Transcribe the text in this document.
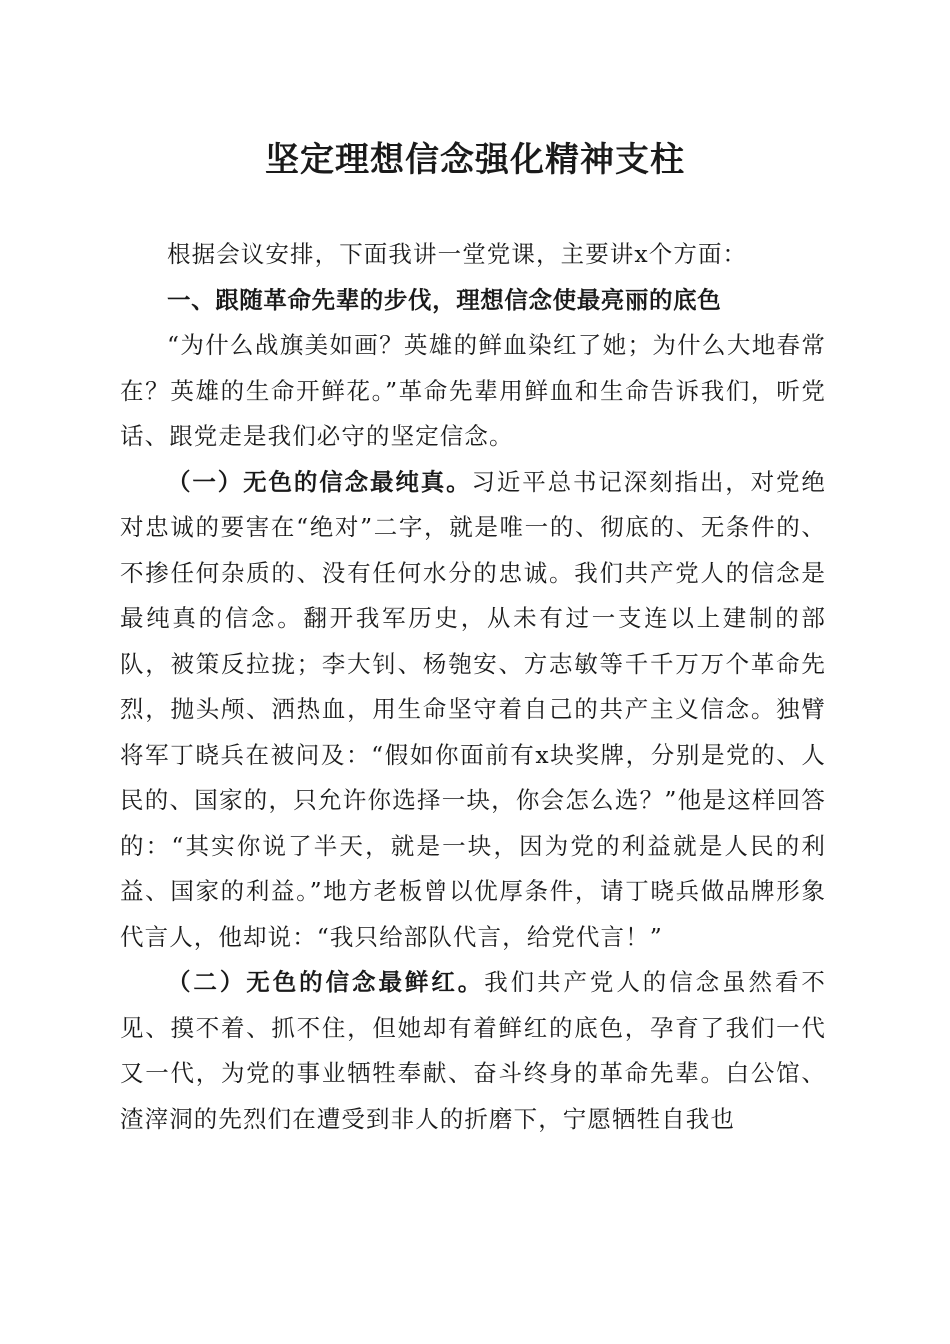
坚定理想信念强化精神支柱

根据会议安排，下面我讲一堂党课，主要讲x个方面：

一、跟随革命先辈的步伐，理想信念使最亮丽的底色

“为什么战旗美如画？英雄的鲜血染红了她；为什么大地春常在？英雄的生命开鲜花。”革命先辈用鲜血和生命告诉我们，听党话、跟党走是我们必守的坚定信念。

（一）无色的信念最纯真。习近平总书记深刻指出，对党绝对忠诚的要害在“绝对”二字，就是唯一的、彻底的、无条件的、不掺任何杂质的、没有任何水分的忠诚。我们共产党人的信念是最纯真的信念。翻开我军历史，从未有过一支连以上建制的部队，被策反拉拢；李大钊、杨匏安、方志敏等千千万万个革命先烈，抛头颅、洒热血，用生命坚守着自己的共产主义信念。独臂将军丁晓兵在被问及：“假如你面前有x块奖牌，分别是党的、人民的、国家的，只允许你选择一块，你会怎么选？”他是这样回答的：“其实你说了半天，就是一块，因为党的利益就是人民的利益、国家的利益。”地方老板曾以优厚条件，请丁晓兵做品牌形象代言人，他却说：“我只给部队代言，给党代言！”

（二）无色的信念最鲜红。我们共产党人的信念虽然看不见、摸不着、抓不住，但她却有着鲜红的底色，孕育了我们一代又一代，为党的事业牺牲奉献、奋斗终身的革命先辈。白公馆、渣滓洞的先烈们在遭受到非人的折磨下，宁愿牺牲自我也
